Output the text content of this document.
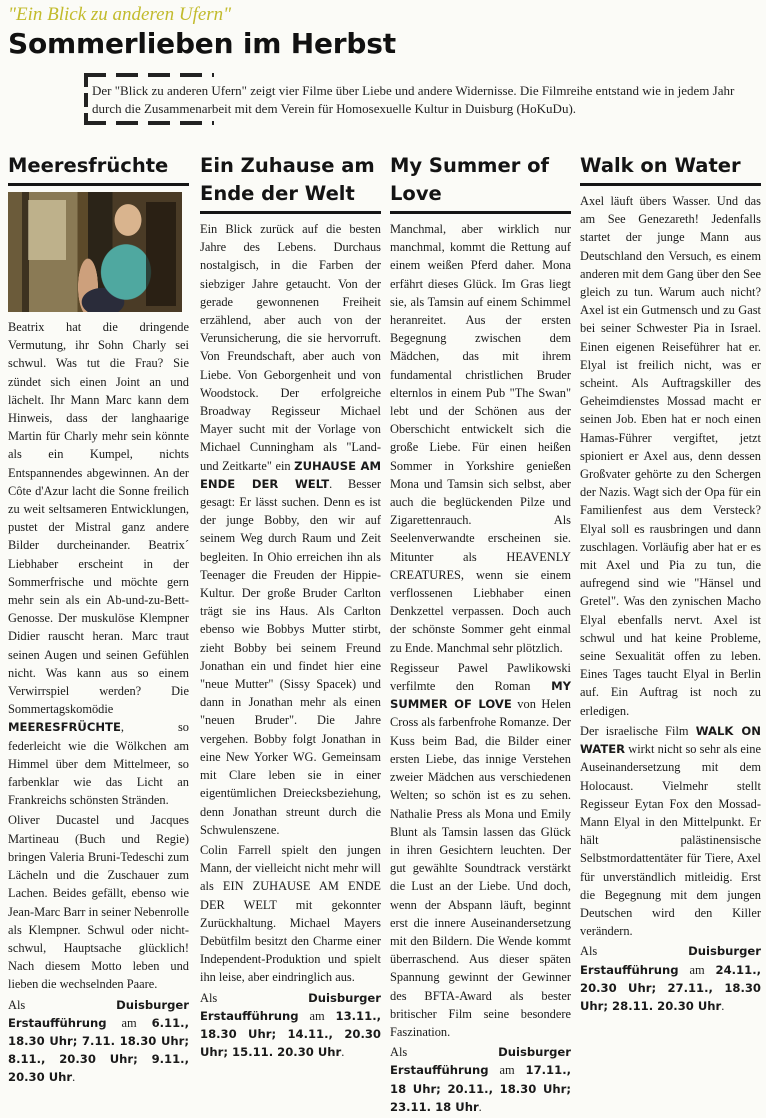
"Ein Blick zu anderen Ufern"
Sommerlieben im Herbst
Der "Blick zu anderen Ufern" zeigt vier Filme über Liebe und andere Widernisse. Die Filmreihe entstand wie in jedem Jahr durch die Zusammenarbeit mit dem Verein für Homosexuelle Kultur in Duisburg (HoKuDu).
Meeresfrüchte

Beatrix hat die dringende Vermutung, ihr Sohn Charly sei schwul. Was tut die Frau? Sie zündet sich einen Joint an und lächelt. Ihr Mann Marc kann dem Hinweis, dass der langhaarige Martin für Charly mehr sein könnte als ein Kumpel, nichts Entspannendes abgewinnen. An der Côte d'Azur lacht die Sonne freilich zu weit seltsameren Entwicklungen, pustet der Mistral ganz andere Bilder durcheinander. Beatrix´ Liebhaber erscheint in der Sommerfrische und möchte gern mehr sein als ein Ab-und-zu-Bett-Genosse. Der muskulöse Klempner Didier rauscht heran. Marc traut seinen Augen und seinen Gefühlen nicht. Was kann aus so einem Verwirrspiel werden? Die Sommertagskomödie MEERESFRÜCHTE, so federleicht wie die Wölkchen am Himmel über dem Mittelmeer, so farbenklar wie das Licht an Frankreichs schönsten Stränden.

Oliver Ducastel und Jacques Martineau (Buch und Regie) bringen Valeria Bruni-Tedeschi zum Lächeln und die Zuschauer zum Lachen. Beides gefällt, ebenso wie Jean-Marc Barr in seiner Nebenrolle als Klempner. Schwul oder nicht-schwul, Hauptsache glücklich! Nach diesem Motto leben und lieben die wechselnden Paare.

Als	Duisburger Erstaufführung am 6.11., 18.30 Uhr; 7.11. 18.30 Uhr; 8.11., 20.30 Uhr; 9.11., 20.30 Uhr.

Ein Zuhause am Ende der Welt

Ein Blick zurück auf die besten Jahre des Lebens. Durchaus nostalgisch, in die Farben der siebziger Jahre getaucht. Von der gerade gewonnenen Freiheit erzählend, aber auch von der Verunsicherung, die sie hervorruft. Von Freundschaft, aber auch von Liebe. Von Geborgenheit und von Woodstock. Der erfolgreiche Broadway Regisseur Michael Mayer sucht mit der Vorlage von Michael Cunningham als "Land- und Zeitkarte" ein ZUHAUSE AM ENDE DER WELT. Besser gesagt: Er lässt suchen. Denn es ist der junge Bobby, den wir auf seinem Weg durch Raum und Zeit begleiten. In Ohio erreichen ihn als Teenager die Freuden der Hippie-Kultur. Der große Bruder Carlton trägt sie ins Haus. Als Carlton ebenso wie Bobbys Mutter stirbt, zieht Bobby bei seinem Freund Jonathan ein und findet hier eine "neue Mutter" (Sissy Spacek) und dann in Jonathan mehr als einen "neuen Bruder". Die Jahre vergehen. Bobby folgt Jonathan in eine New Yorker WG. Gemeinsam mit Clare leben sie in einer eigentümlichen Dreiecksbeziehung, denn Jonathan streunt durch die Schwulenszene.

Colin Farrell spielt den jungen Mann, der vielleicht nicht mehr will als EIN ZUHAUSE AM ENDE DER WELT mit gekonnter Zurückhaltung. Michael Mayers Debütfilm besitzt den Charme einer Independent-Produktion und spielt ihn leise, aber eindringlich aus.

Als	Duisburger Erstaufführung am 13.11., 18.30 Uhr; 14.11., 20.30 Uhr; 15.11. 20.30 Uhr.

My Summer of Love

Manchmal, aber wirklich nur manchmal, kommt die Rettung auf einem weißen Pferd daher. Mona erfährt dieses Glück. Im Gras liegt sie, als Tamsin auf einem Schimmel heranreitet. Aus der ersten Begegnung zwischen dem Mädchen, das mit ihrem fundamental christlichen Bruder elternlos in einem Pub "The Swan" lebt und der Schönen aus der Oberschicht entwickelt sich die große Liebe. Für einen heißen Sommer in Yorkshire genießen Mona und Tamsin sich selbst, aber auch die beglückenden Pilze und Zigarettenrauch. Als Seelenverwandte erscheinen sie. Mitunter als HEAVENLY CREATURES, wenn sie einem verflossenen Liebhaber einen Denkzettel verpassen. Doch auch der schönste Sommer geht einmal zu Ende. Manchmal sehr plötzlich.

Regisseur Pawel Pawlikowski verfilmte den Roman MY SUMMER OF LOVE von Helen Cross als farbenfrohe Romanze. Der Kuss beim Bad, die Bilder einer ersten Liebe, das innige Verstehen zweier Mädchen aus verschiedenen Welten; so schön ist es zu sehen. Nathalie Press als Mona und Emily Blunt als Tamsin lassen das Glück in ihren Gesichtern leuchten. Der gut gewählte Soundtrack verstärkt die Lust an der Liebe. Und doch, wenn der Abspann läuft, beginnt erst die innere Auseinandersetzung mit den Bildern. Die Wende kommt überraschend. Aus dieser späten Spannung gewinnt der Gewinner des BFTA-Award als bester britischer Film seine besondere Faszination.

Als	Duisburger Erstaufführung am 17.11., 18 Uhr; 20.11., 18.30 Uhr; 23.11. 18 Uhr.

Walk on Water

Axel läuft übers Wasser. Und das am See Genezareth! Jedenfalls startet der junge Mann aus Deutschland den Versuch, es einem anderen mit dem Gang über den See gleich zu tun. Warum auch nicht? Axel ist ein Gutmensch und zu Gast bei seiner Schwester Pia in Israel. Einen eigenen Reiseführer hat er. Elyal ist freilich nicht, was er scheint. Als Auftragskiller des Geheimdienstes Mossad macht er seinen Job. Eben hat er noch einen Hamas-Führer vergiftet, jetzt spioniert er Axel aus, denn dessen Großvater gehörte zu den Schergen der Nazis. Wagt sich der Opa für ein Familienfest aus dem Versteck? Elyal soll es rausbringen und dann zuschlagen. Vorläufig aber hat er es mit Axel und Pia zu tun, die aufregend sind wie "Hänsel und Gretel". Was den zynischen Macho Elyal ebenfalls nervt. Axel ist schwul und hat keine Probleme, seine Sexualität offen zu leben. Eines Tages taucht Elyal in Berlin auf. Ein Auftrag ist noch zu erledigen.

Der israelische Film WALK ON WATER wirkt nicht so sehr als eine Auseinandersetzung mit dem Holocaust. Vielmehr stellt Regisseur Eytan Fox den Mossad-Mann Elyal in den Mittelpunkt. Er hält palästinensische Selbstmordattentäter für Tiere, Axel für unverständlich mitleidig. Erst die Begegnung mit dem jungen Deutschen wird den Killer verändern.

Als	Duisburger Erstaufführung am 24.11., 20.30 Uhr; 27.11., 18.30 Uhr; 28.11. 20.30 Uhr.
